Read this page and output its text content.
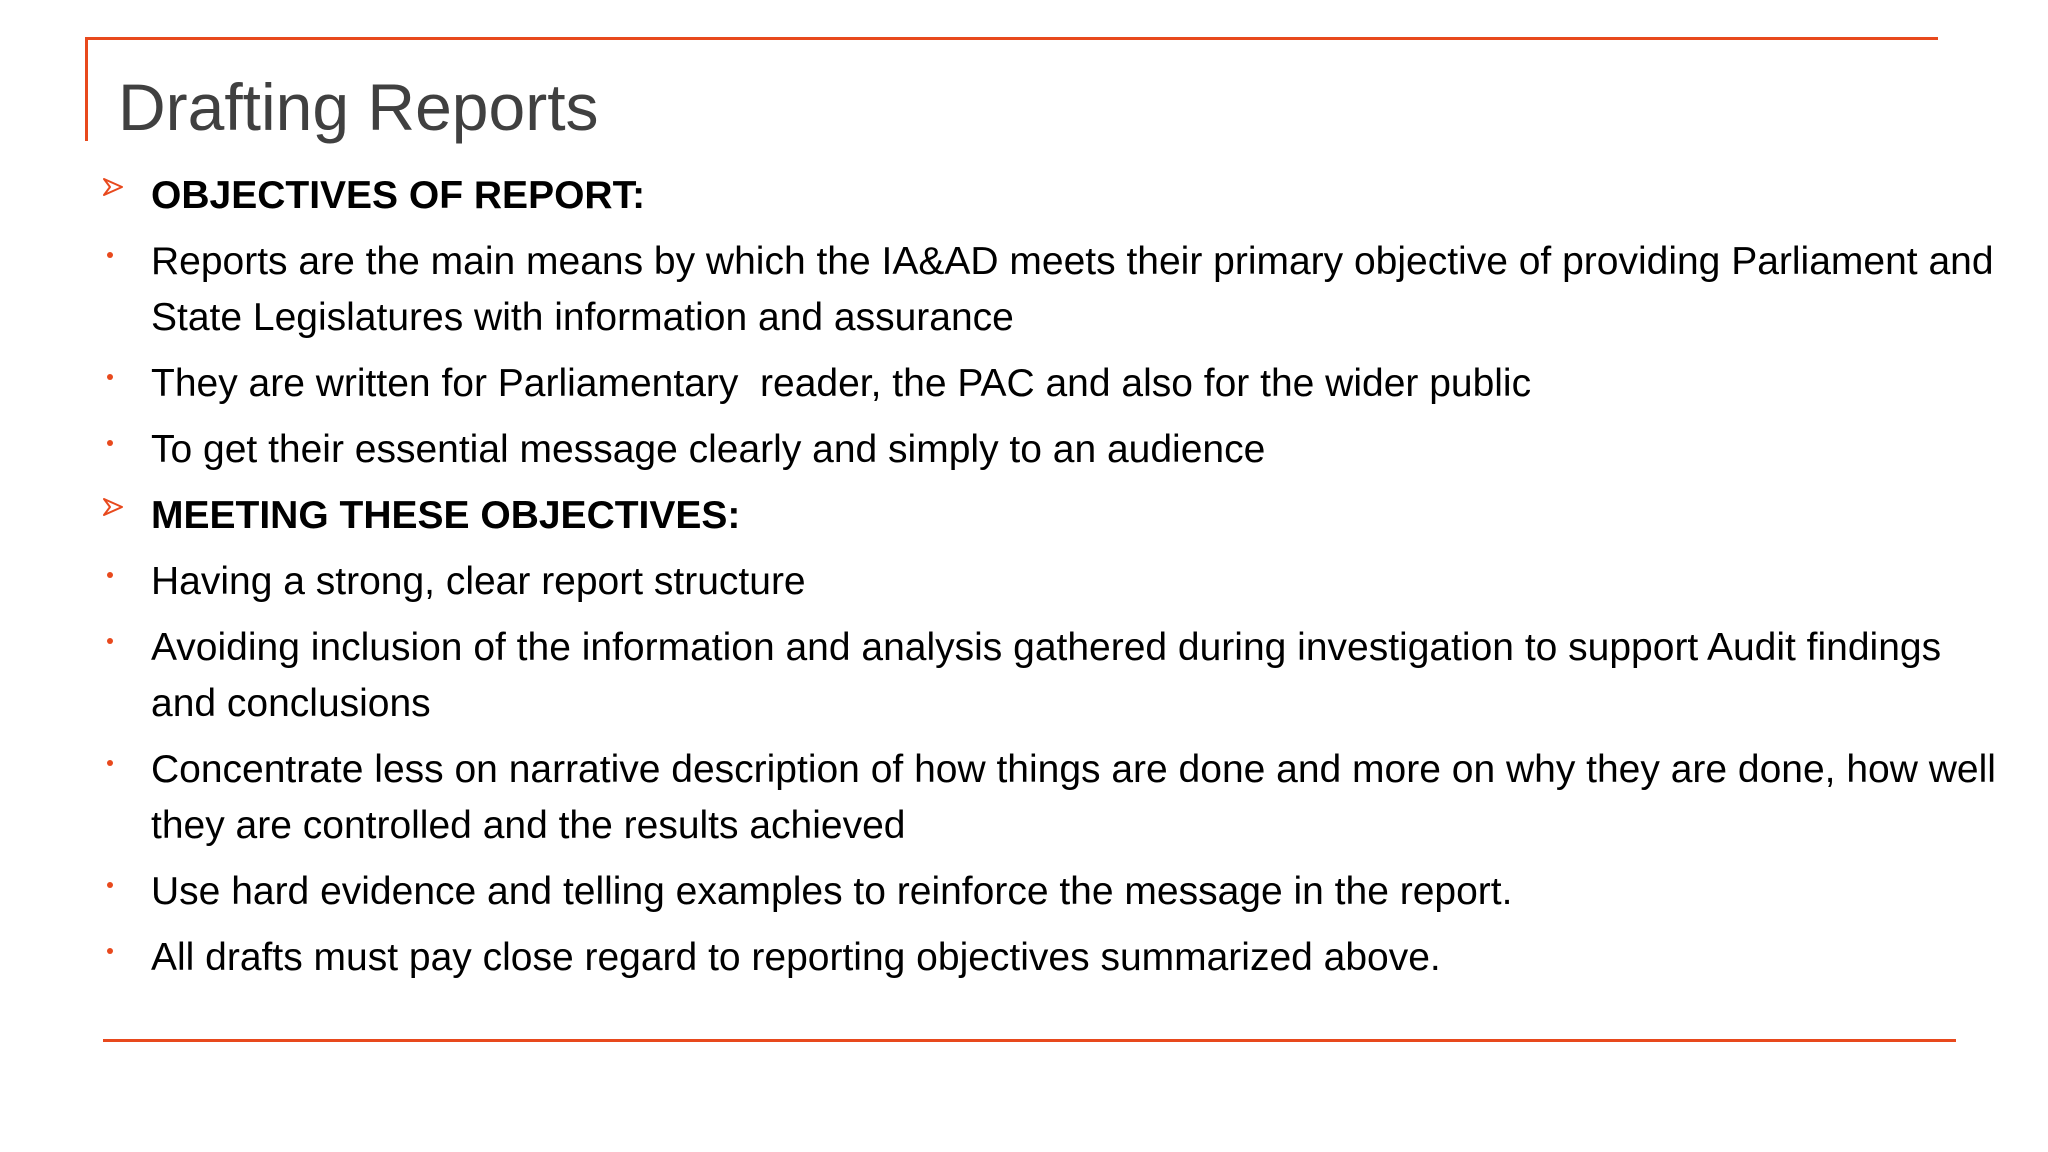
Drafting Reports
OBJECTIVES OF REPORT:
Reports are the main means by which the IA&AD meets their primary objective of providing Parliament and State Legislatures with information and assurance
They are written for Parliamentary  reader, the PAC and also for the wider public
To get their essential message clearly and simply to an audience
MEETING THESE OBJECTIVES:
Having a strong, clear report structure
Avoiding inclusion of the information and analysis gathered during investigation to support Audit findings and conclusions
Concentrate less on narrative description of how things are done and more on why they are done, how well they are controlled and the results achieved
Use hard evidence and telling examples to reinforce the message in the report.
All drafts must pay close regard to reporting objectives summarized above.
